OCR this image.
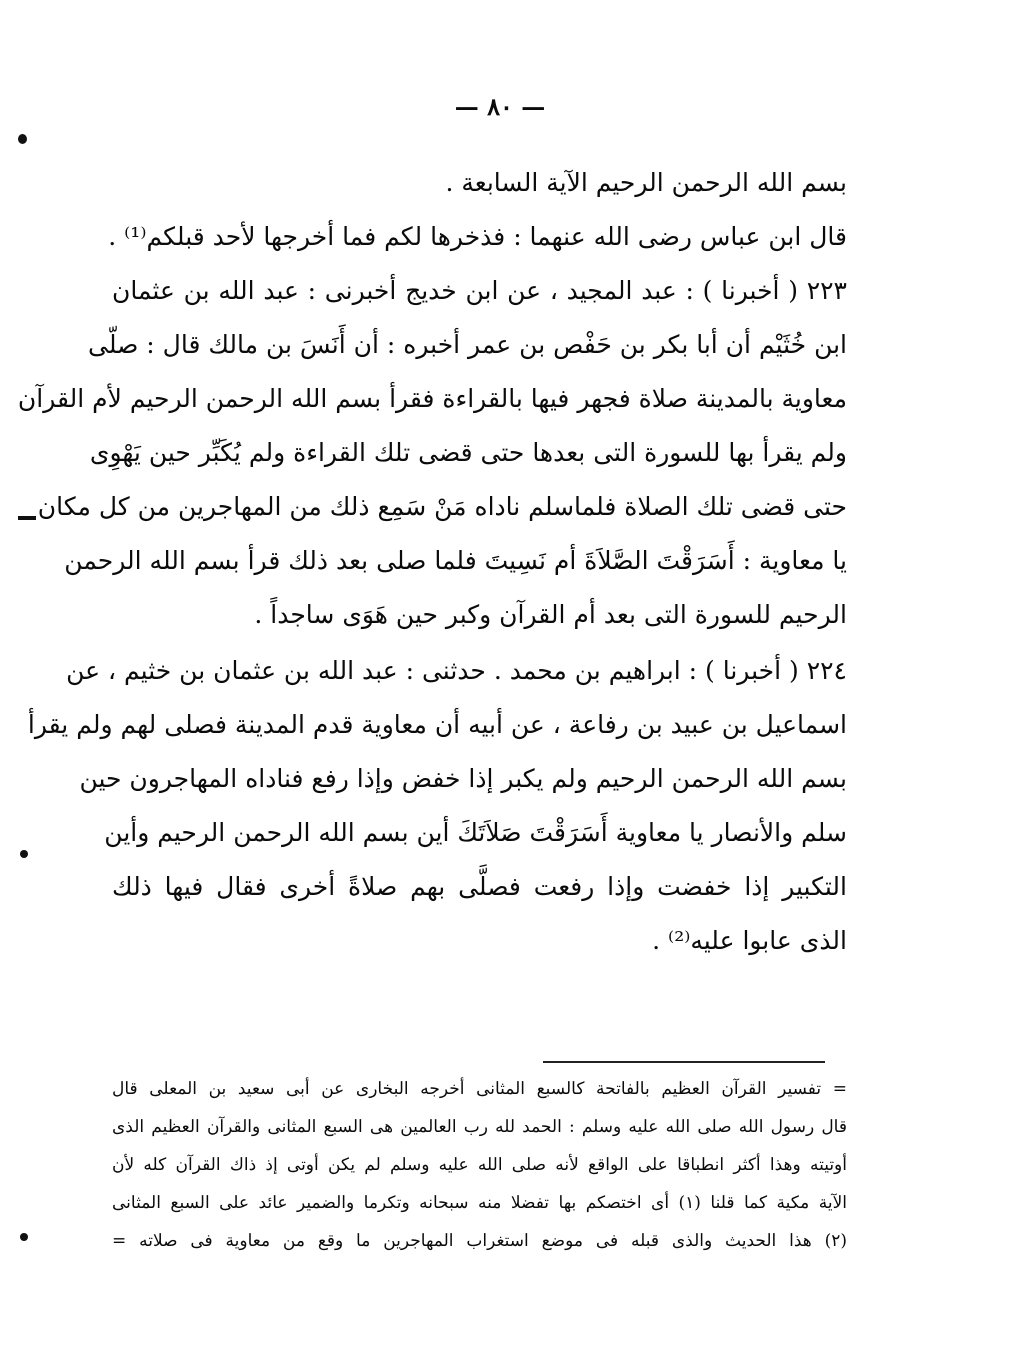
— ٨٠ —
بسم الله الرحمن الرحيم الآية السابعة .
قال ابن عباس رضى الله عنهما : فذخرها لكم فما أخرجها لأحد قبلكم⁽¹⁾ .
٢٢٣ ( أخبرنا ) : عبد المجيد ، عن ابن خديج أخبرنى : عبد الله بن عثمان
ابن خُثَيْم أن أبا بكر بن حَفْص بن عمر أخبره : أن أَنَسَ بن مالك قال : صلّى
معاوية بالمدينة صلاة فجهر فيها بالقراءة فقرأ بسم الله الرحمن الرحيم لأم القرآن
ولم يقرأ بها للسورة التى بعدها حتى قضى تلك القراءة ولم يُكَبِّر حين يَهْوِى
حتى قضى تلك الصلاة فلماسلم ناداه مَنْ سَمِع ذلك من المهاجرين من كل مكان
يا معاوية : أَسَرَقْتَ الصَّلاَةَ أم نَسِيتَ فلما صلى بعد ذلك قرأ بسم الله الرحمن
الرحيم للسورة التى بعد أم القرآن وكبر حين هَوَى ساجداً .
٢٢٤ ( أخبرنا ) : ابراهيم بن محمد . حدثنى : عبد الله بن عثمان بن خثيم ، عن
اسماعيل بن عبيد بن رفاعة ، عن أبيه أن معاوية قدم المدينة فصلى لهم ولم يقرأ
بسم الله الرحمن الرحيم ولم يكبر إذا خفض وإذا رفع فناداه المهاجرون حين
سلم والأنصار يا معاوية أَسَرَقْتَ صَلاَتَكَ أين بسم الله الرحمن الرحيم وأين
التكبير إذا خفضت وإذا رفعت فصلَّى بهم صلاةً أخرى فقال فيها ذلك
الذى عابوا عليه⁽²⁾ .
= تفسير القرآن العظيم بالفاتحة كالسبع المثانى أخرجه البخارى عن أبى سعيد بن المعلى قال
قال رسول الله صلى الله عليه وسلم : الحمد لله رب العالمين هى السبع المثانى والقرآن العظيم الذى
أوتيته وهذا أكثر انطباقا على الواقع لأنه صلى الله عليه وسلم لم يكن أوتى إذ ذاك القرآن كله لأن
الآية مكية كما قلنا (١) أى اختصكم بها تفضلا منه سبحانه وتكرما والضمير عائد على السبع المثانى
(٢) هذا الحديث والذى قبله فى موضع استغراب المهاجرين ما وقع من معاوية فى صلاته =
